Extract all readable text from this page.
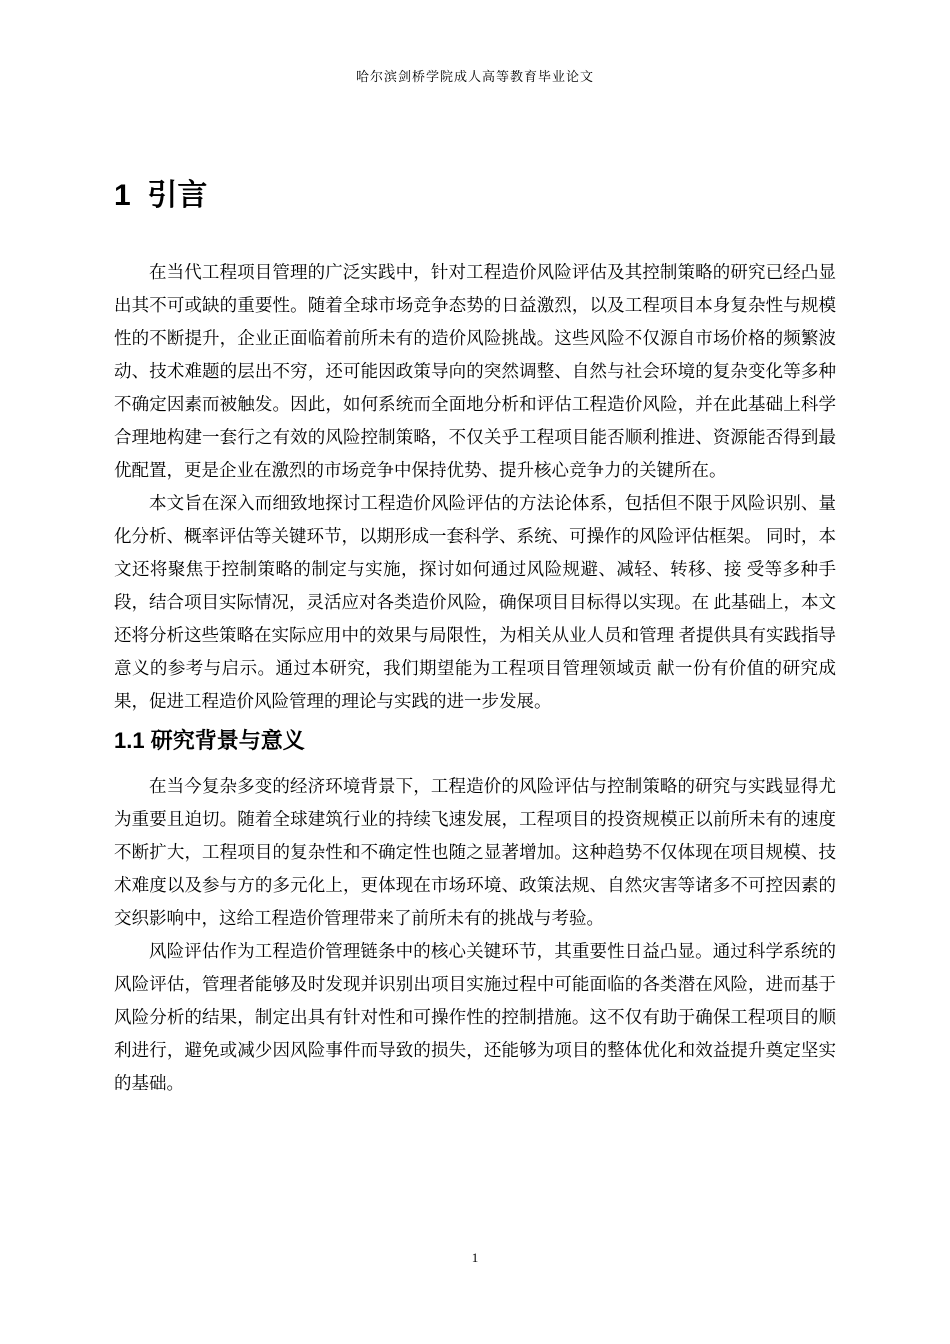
哈尔滨剑桥学院成人高等教育毕业论文
1  引言

在当代工程项目管理的广泛实践中，针对工程造价风险评估及其控制策略的研究已经凸显出其不可或缺的重要性。随着全球市场竞争态势的日益激烈，以及工程项目本身复杂性与规模性的不断提升，企业正面临着前所未有的造价风险挑战。这些风险不仅源自市场价格的频繁波动、技术难题的层出不穷，还可能因政策导向的突然调整、自然与社会环境的复杂变化等多种不确定因素而被触发。因此，如何系统而全面地分析和评估工程造价风险，并在此基础上科学合理地构建一套行之有效的风险控制策略，不仅关乎工程项目能否顺利推进、资源能否得到最优配置，更是企业在激烈的市场竞争中保持优势、提升核心竞争力的关键所在。

本文旨在深入而细致地探讨工程造价风险评估的方法论体系，包括但不限于风险识别、量化分析、概率评估等关键环节，以期形成一套科学、系统、可操作的风险评估框架。 同时，本文还将聚焦于控制策略的制定与实施，探讨如何通过风险规避、减轻、转移、接 受等多种手段，结合项目实际情况，灵活应对各类造价风险，确保项目目标得以实现。在 此基础上，本文还将分析这些策略在实际应用中的效果与局限性，为相关从业人员和管理 者提供具有实践指导意义的参考与启示。通过本研究，我们期望能为工程项目管理领域贡 献一份有价值的研究成果，促进工程造价风险管理的理论与实践的进一步发展。

1.1 研究背景与意义

在当今复杂多变的经济环境背景下，工程造价的风险评估与控制策略的研究与实践显得尤为重要且迫切。随着全球建筑行业的持续飞速发展，工程项目的投资规模正以前所未有的速度不断扩大，工程项目的复杂性和不确定性也随之显著增加。这种趋势不仅体现在项目规模、技术难度以及参与方的多元化上，更体现在市场环境、政策法规、自然灾害等诸多不可控因素的交织影响中，这给工程造价管理带来了前所未有的挑战与考验。

风险评估作为工程造价管理链条中的核心关键环节，其重要性日益凸显。通过科学系统的风险评估，管理者能够及时发现并识别出项目实施过程中可能面临的各类潜在风险，进而基于风险分析的结果，制定出具有针对性和可操作性的控制措施。这不仅有助于确保工程项目的顺利进行，避免或减少因风险事件而导致的损失，还能够为项目的整体优化和效益提升奠定坚实的基础。

1
